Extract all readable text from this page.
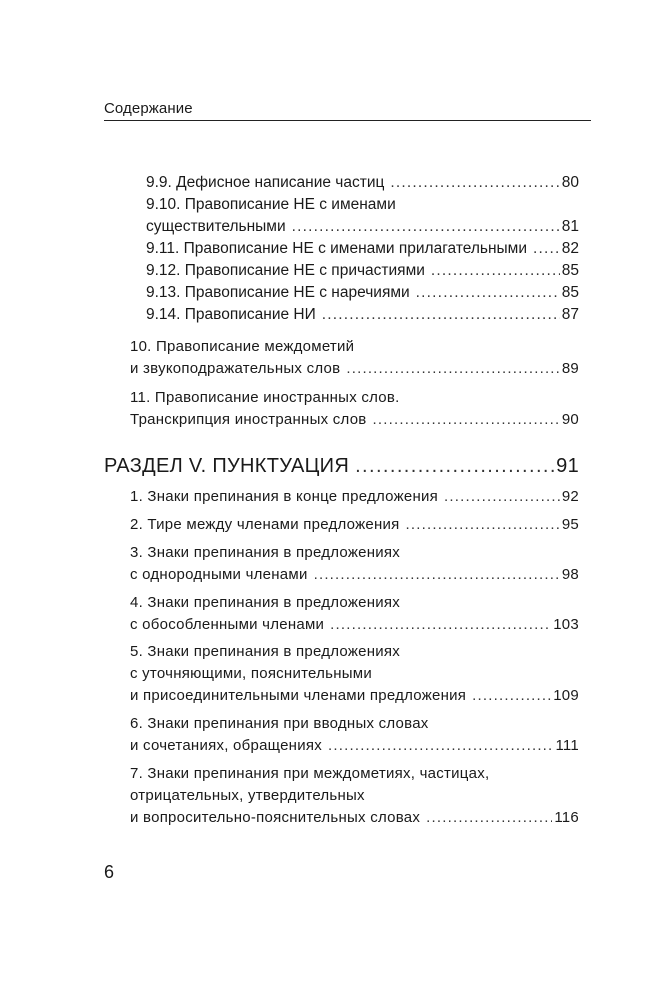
Содержание
9.9. Дефисное написание частиц .....	80
9.10. Правописание НЕ с именами
существительными .....	81
9.11. Правописание НЕ с именами прилагательными ..... 82
9.12. Правописание НЕ с причастиями .....	85
9.13. Правописание НЕ с наречиями .....	85
9.14. Правописание НИ .....	87
10. Правописание междометий
и звукоподражательных слов .....	89
11. Правописание иностранных слов.
Транскрипция иностранных слов .....	90
РАЗДЕЛ V. ПУНКТУАЦИЯ .....	91
1. Знаки препинания в конце предложения .....	92
2. Тире между членами предложения .....	95
3. Знаки препинания в предложениях
с однородными членами .....	98
4. Знаки препинания в предложениях
с обособленными членами .....	103
5. Знаки препинания в предложениях
с уточняющими, пояснительными
и присоединительными членами предложения .....	109
6. Знаки препинания при вводных словах
и сочетаниях, обращениях .....	111
7. Знаки препинания при междометиях, частицах,
отрицательных, утвердительных
и вопросительно-пояснительных словах .....	116
6
